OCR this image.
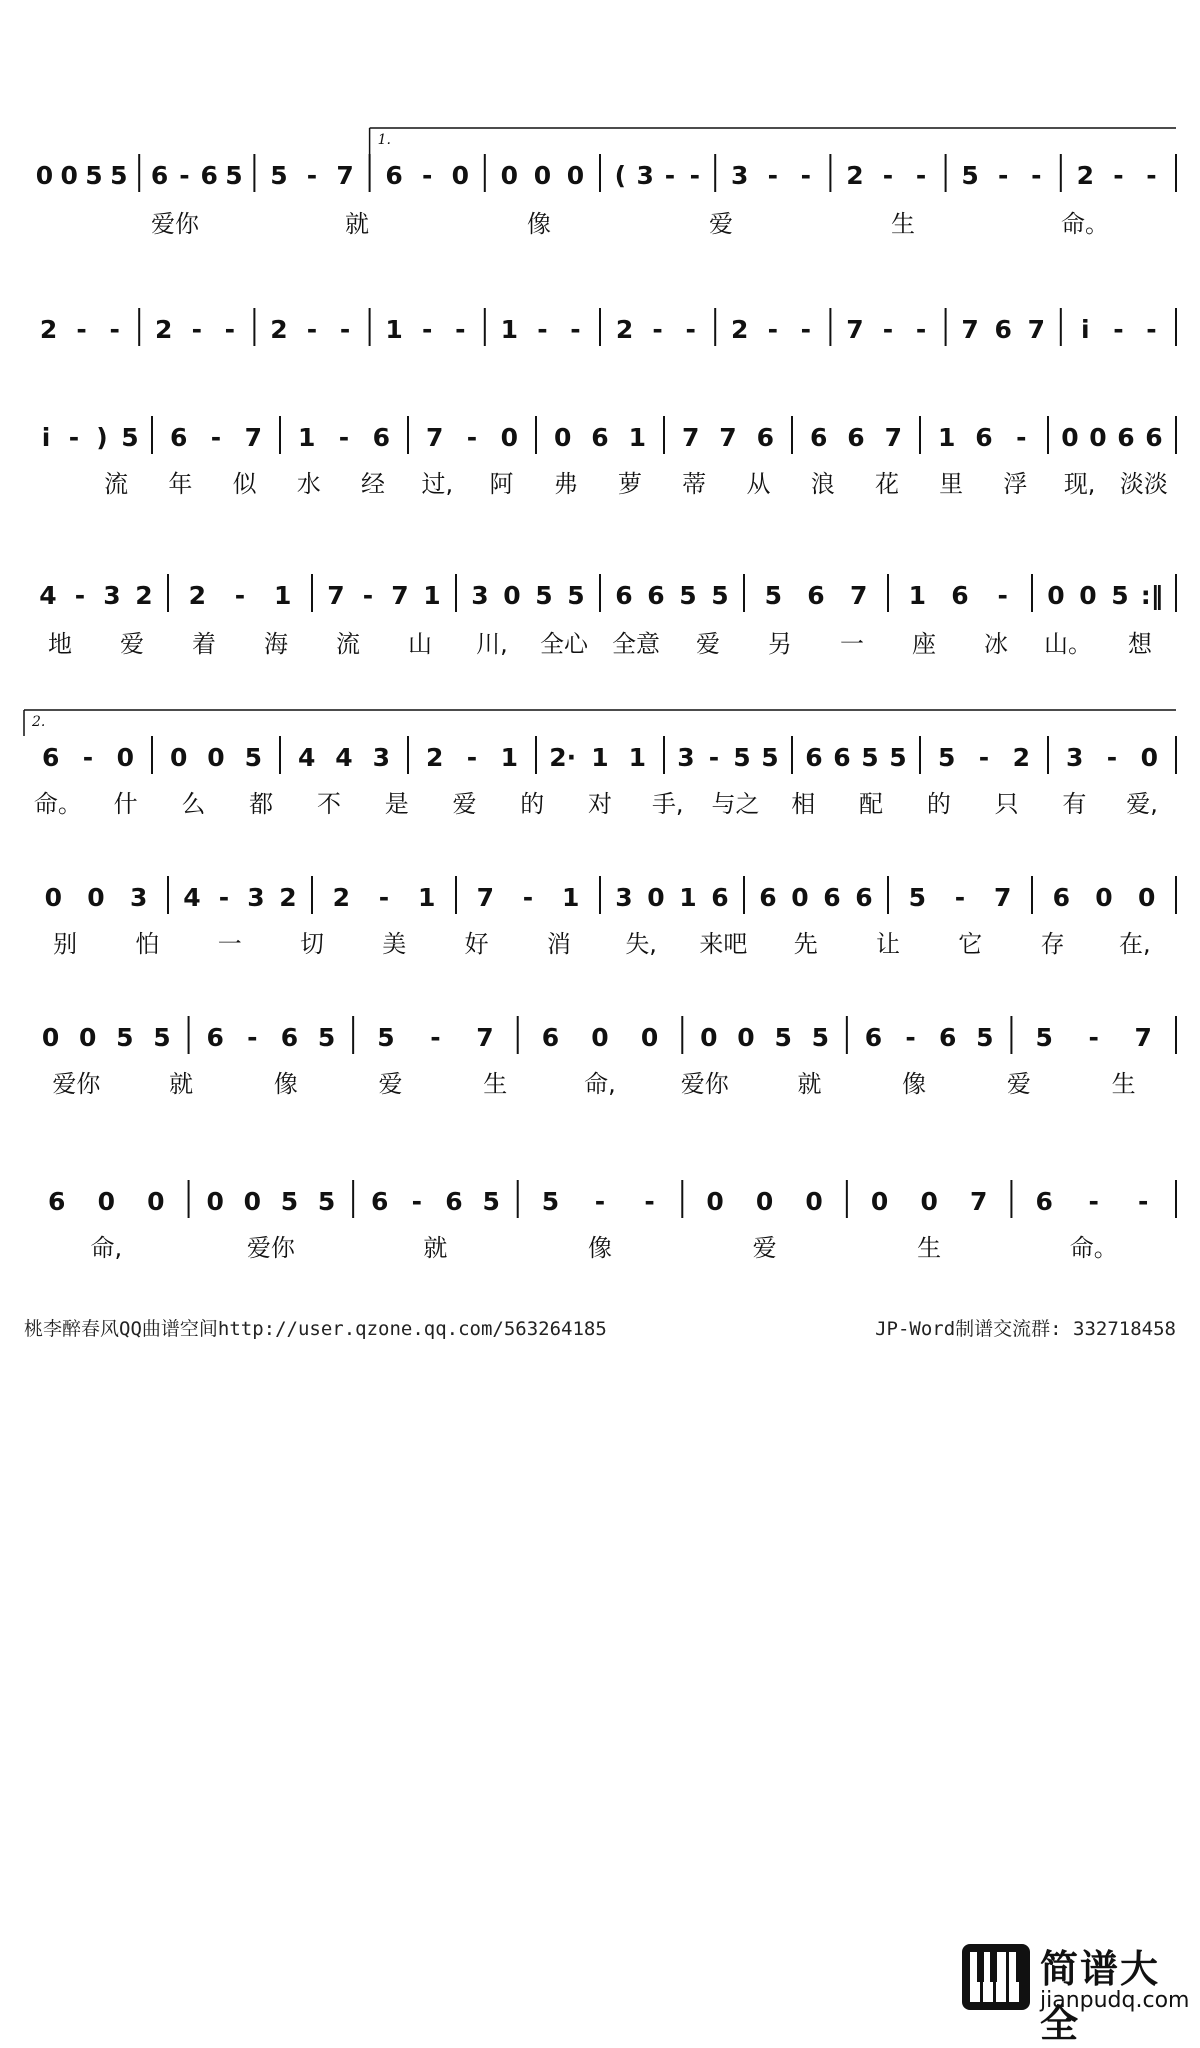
0 0 5 5 6 - 6 5 5 - 7 6 - 0 0 0 0 ( 3 - - 3 - - 2 - - 5 - - 2 - -
1.
爱你	就	像	爱	生	命。
2 - - 2 - - 2 - - 1 - - 1 - - 2 - - 2 - - 7 - - 7 6 7 i - -
i - ) 5 6 - 7 1 - 6 7 - 0 0 6 1 7 7 6 6 6 7 1 6 - 0 0 6 6
流 年 似 水 经 过, 阿 弗 萝 蒂 从 浪 花 里 浮 现, 淡淡
4 - 3 2 2 - 1 7 - 7 1 3 0 5 5 6 6 5 5 5 6 7 1 6 - 0 0 5 :‖
地 爱 着 海 流 山 川, 全心 全意 爱 另 一 座 冰 山。 想
6 - 0 0 0 5 4 4 3 2 - 1 2· 1 1 3 - 5 5 6 6 5 5 5 - 2 3 - 0
2.
命。 什 么 都 不 是 爱 的 对 手, 与之 相 配 的 只 有 爱,
0 0 3 4 - 3 2 2 - 1 7 - 1 3 0 1 6 6 0 6 6 5 - 7 6 0 0
别 怕 一 切 美 好 消 失, 来吧 先 让 它 存 在,
0 0 5 5 6 - 6 5 5 - 7 6 0 0 0 0 5 5 6 - 6 5 5 - 7
爱你	就	像	爱	生	命,	爱你	就	像	爱	生
6 0 0 0 0 5 5 6 - 6 5 5 - - 0 0 0 0 0 7 6 - -
命,	爱你	就	像	爱	生	命。
桃李醉春风QQ曲谱空间http://user.qzone.qq.com/563264185	JP-Word制谱交流群: 332718458
简谱大全
jianpudq.com
